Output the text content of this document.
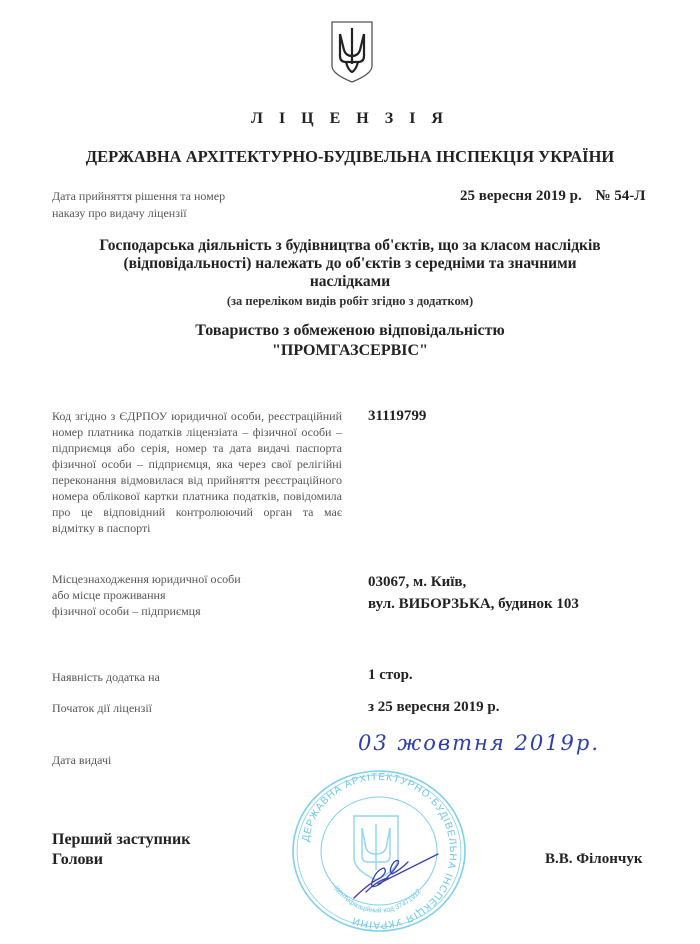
Л І Ц Е Н З І Я
ДЕРЖАВНА АРХІТЕКТУРНО-БУДІВЕЛЬНА ІНСПЕКЦІЯ УКРАЇНИ
Дата прийняття рішення та номер
наказу про видачу ліцензії
25 вересня 2019 р. № 54-Л
Господарська діяльність з будівництва об'єктів, що за класом наслідків
(відповідальності) належать до об'єктів з середніми та значними
наслідками
(за переліком видів робіт згідно з додатком)
Товариство з обмеженою відповідальністю
"ПРОМГАЗСЕРВІС"
Код згідно з ЄДРПОУ юридичної особи, реєстраційний номер платника податків ліцензіата – фізичної особи – підприємця або серія, номер та дата видачі паспорта фізичної особи – підприємця, яка через свої релігійні переконання відмовилася від прийняття реєстраційного номера облікової картки платника податків, повідомила про це відповідний контролюючий орган та має відмітку в паспорті
31119799
Місцезнаходження юридичної особи
або місце проживання
фізичної особи – підприємця
03067, м. Київ,
вул. ВИБОРЗЬКА, будинок 103
Наявність додатка на	1 стор.
Початок дії ліцензії	з 25 вересня 2019 р.
Дата видачі
03 жовтня 2019р.
ДЕРЖАВНА АРХІТЕКТУРНО-БУДІВЕЛЬНА ІНСПЕКЦІЯ УКРАЇНИ
ідентифікаційний код 37471912
Перший заступник
Голови	В.В. Філончук
